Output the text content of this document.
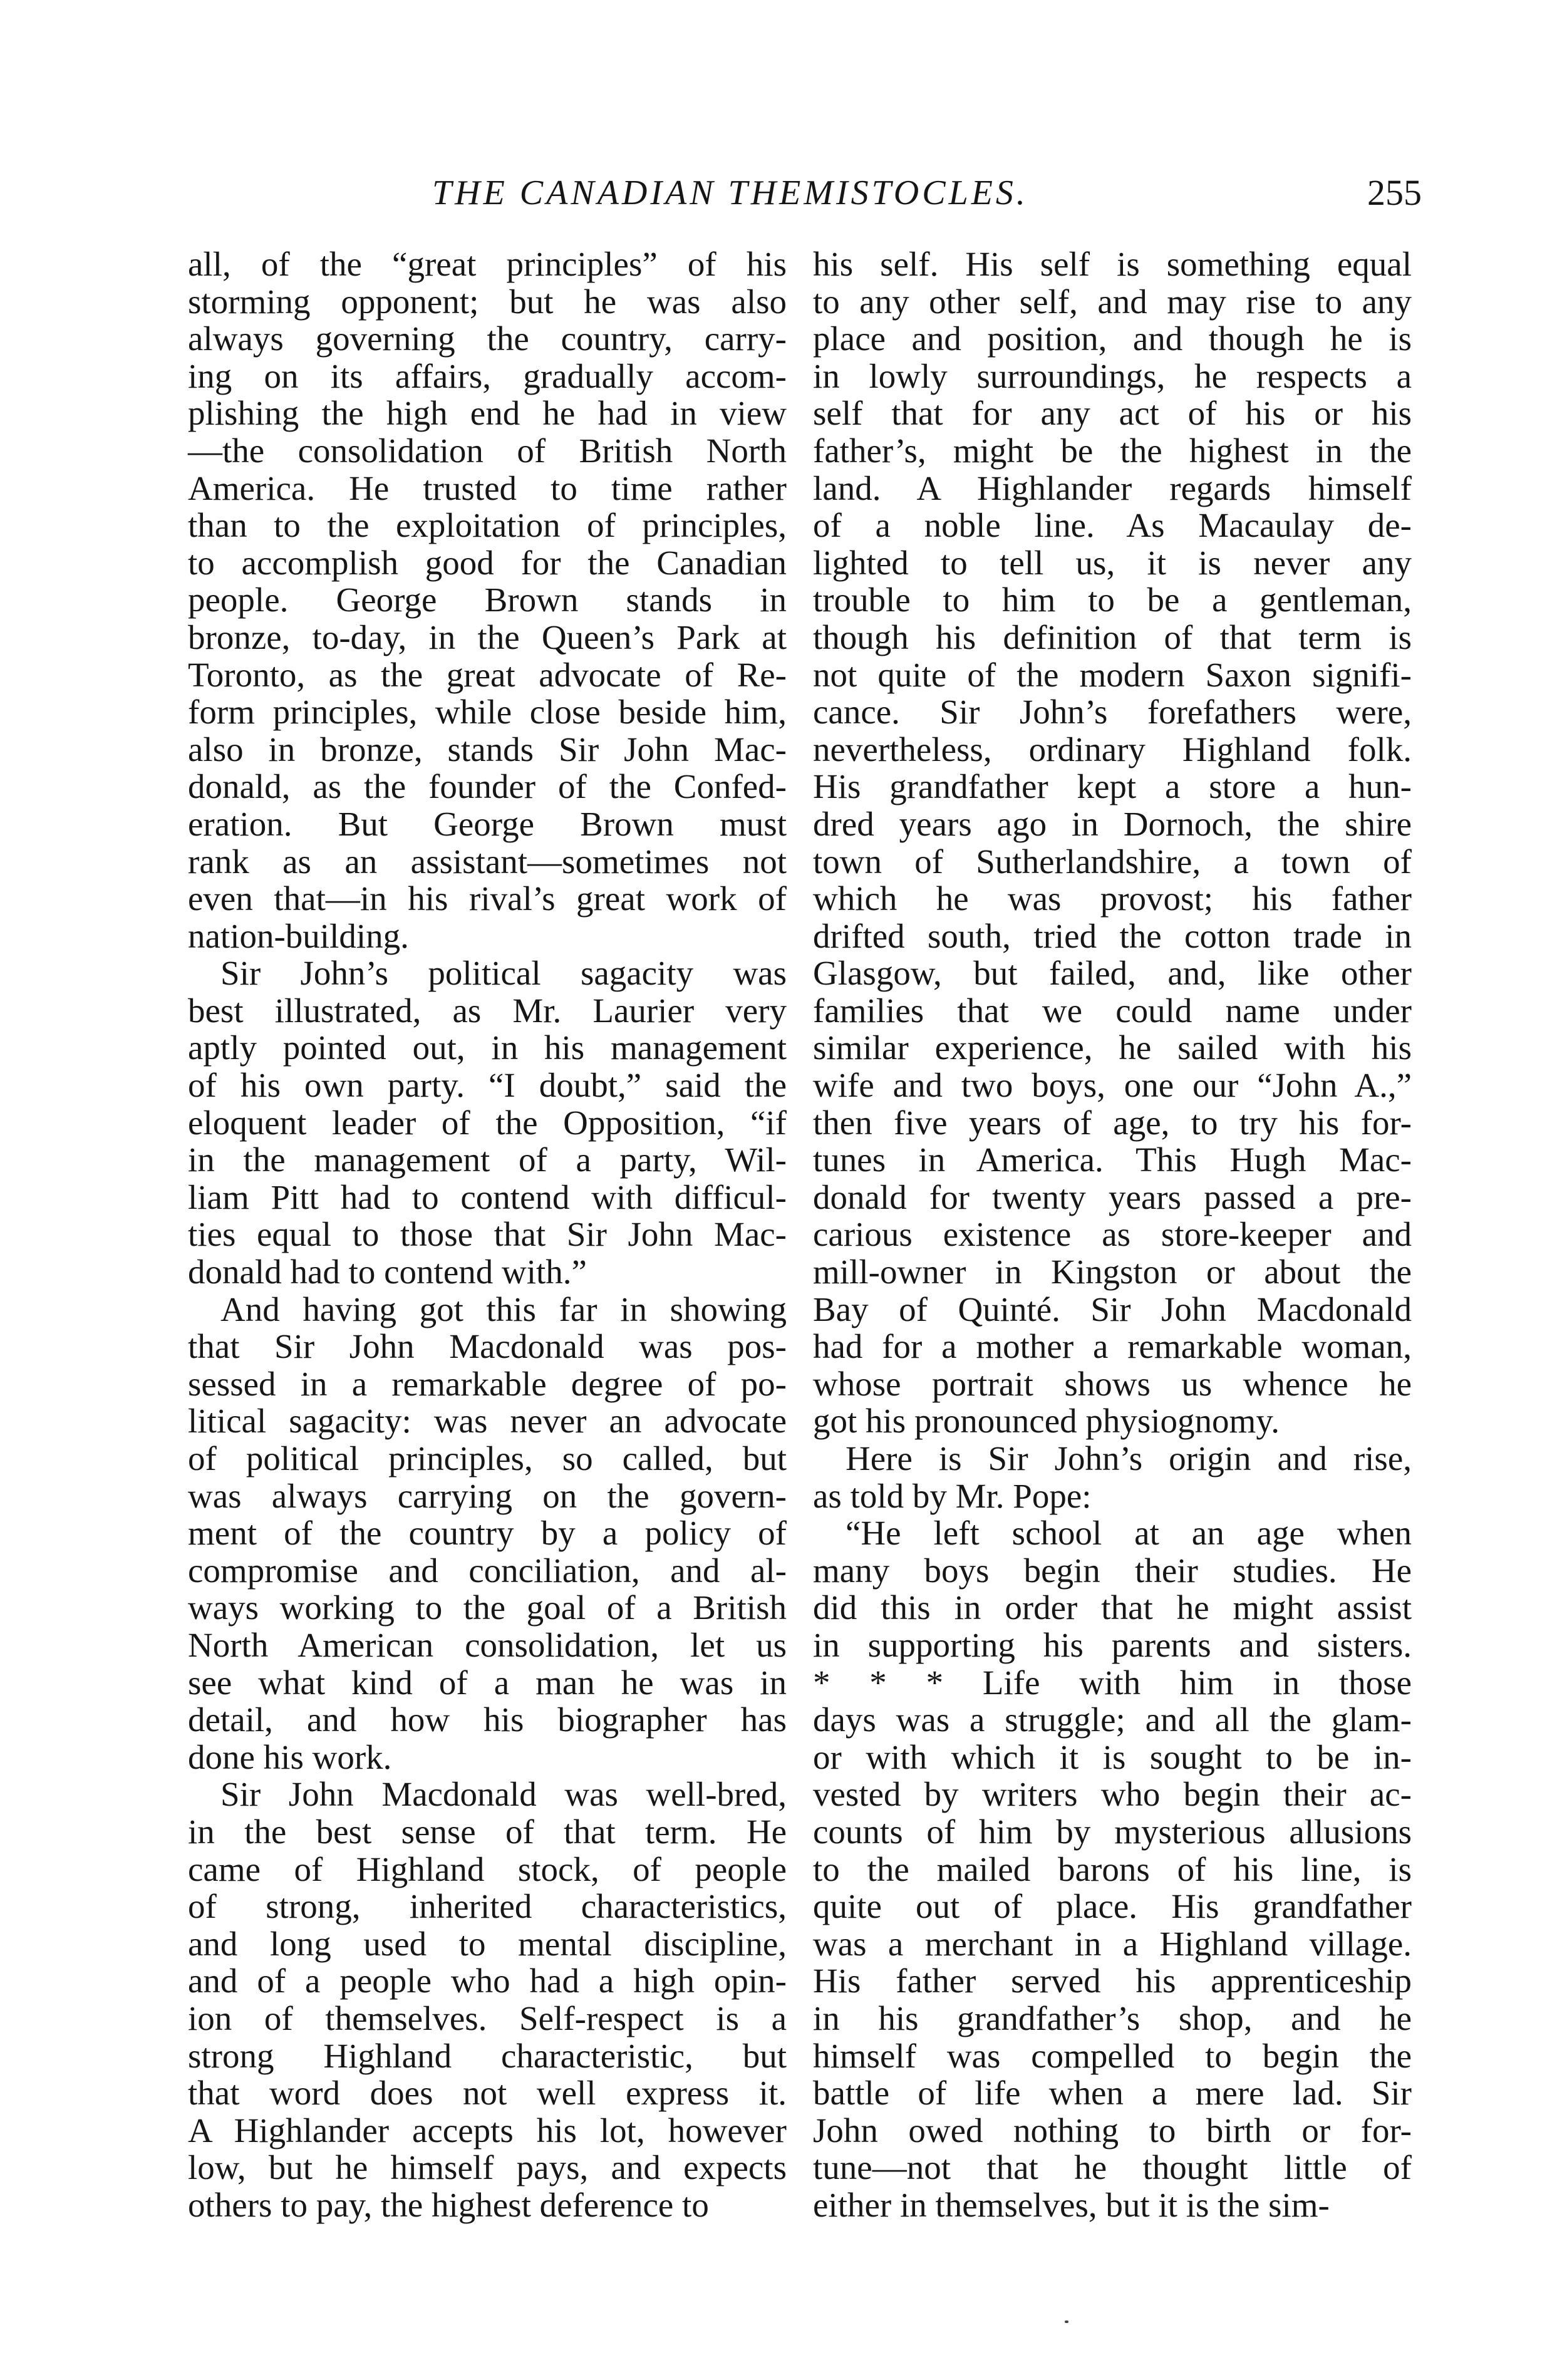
THE CANADIAN THEMISTOCLES.	255
all, of the “great principles” of his
storming opponent; but he was also
always governing the country, carry-
ing on its affairs, gradually accom-
plishing the high end he had in view
—the consolidation of British North
America. He trusted to time rather
than to the exploitation of principles,
to accomplish good for the Canadian
people. George Brown stands in
bronze, to-day, in the Queen’s Park at
Toronto, as the great advocate of Re-
form principles, while close beside him,
also in bronze, stands Sir John Mac-
donald, as the founder of the Confed-
eration. But George Brown must
rank as an assistant—sometimes not
even that—in his rival’s great work of
nation-building.
Sir John’s political sagacity was
best illustrated, as Mr. Laurier very
aptly pointed out, in his management
of his own party. “I doubt,” said the
eloquent leader of the Opposition, “if
in the management of a party, Wil-
liam Pitt had to contend with difficul-
ties equal to those that Sir John Mac-
donald had to contend with.”
And having got this far in showing
that Sir John Macdonald was pos-
sessed in a remarkable degree of po-
litical sagacity: was never an advocate
of political principles, so called, but
was always carrying on the govern-
ment of the country by a policy of
compromise and conciliation, and al-
ways working to the goal of a British
North American consolidation, let us
see what kind of a man he was in
detail, and how his biographer has
done his work.
Sir John Macdonald was well-bred,
in the best sense of that term. He
came of Highland stock, of people
of strong, inherited characteristics,
and long used to mental discipline,
and of a people who had a high opin-
ion of themselves. Self-respect is a
strong Highland characteristic, but
that word does not well express it.
A Highlander accepts his lot, however
low, but he himself pays, and expects
others to pay, the highest deference to
his self. His self is something equal
to any other self, and may rise to any
place and position, and though he is
in lowly surroundings, he respects a
self that for any act of his or his
father’s, might be the highest in the
land. A Highlander regards himself
of a noble line. As Macaulay de-
lighted to tell us, it is never any
trouble to him to be a gentleman,
though his definition of that term is
not quite of the modern Saxon signifi-
cance. Sir John’s forefathers were,
nevertheless, ordinary Highland folk.
His grandfather kept a store a hun-
dred years ago in Dornoch, the shire
town of Sutherlandshire, a town of
which he was provost; his father
drifted south, tried the cotton trade in
Glasgow, but failed, and, like other
families that we could name under
similar experience, he sailed with his
wife and two boys, one our “John A.,”
then five years of age, to try his for-
tunes in America. This Hugh Mac-
donald for twenty years passed a pre-
carious existence as store-keeper and
mill-owner in Kingston or about the
Bay of Quinté. Sir John Macdonald
had for a mother a remarkable woman,
whose portrait shows us whence he
got his pronounced physiognomy.
Here is Sir John’s origin and rise,
as told by Mr. Pope:
“He left school at an age when
many boys begin their studies. He
did this in order that he might assist
in supporting his parents and sisters.
* * * Life with him in those
days was a struggle; and all the glam-
or with which it is sought to be in-
vested by writers who begin their ac-
counts of him by mysterious allusions
to the mailed barons of his line, is
quite out of place. His grandfather
was a merchant in a Highland village.
His father served his apprenticeship
in his grandfather’s shop, and he
himself was compelled to begin the
battle of life when a mere lad. Sir
John owed nothing to birth or for-
tune—not that he thought little of
either in themselves, but it is the sim-
